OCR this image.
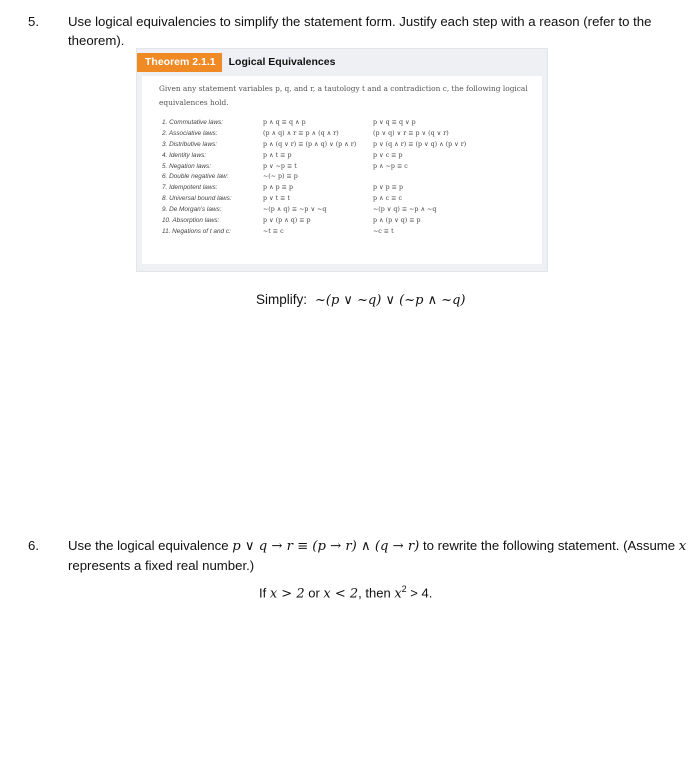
5.	Use logical equivalencies to simplify the statement form. Justify each step with a reason (refer to the theorem).
Theorem 2.1.1	Logical Equivalences
Given any statement variables p, q, and r, a tautology t and a contradiction c, the following logical equivalences hold.
1. Commutative laws:	p ∧ q ≡ q ∧ p	p ∨ q ≡ q ∨ p
2. Associative laws:	(p ∧ q) ∧ r ≡ p ∧ (q ∧ r)	(p ∨ q) ∨ r ≡ p ∨ (q ∨ r)
3. Distributive laws:	p ∧ (q ∨ r) ≡ (p ∧ q) ∨ (p ∧ r)	p ∨ (q ∧ r) ≡ (p ∨ q) ∧ (p ∨ r)
4. Identity laws:	p ∧ t ≡ p	p ∨ c ≡ p
5. Negation laws:	p ∨ ~p ≡ t	p ∧ ~p ≡ c
6. Double negative law:	~(~ p) ≡ p
7. Idempotent laws:	p ∧ p ≡ p	p ∨ p ≡ p
8. Universal bound laws:	p ∨ t ≡ t	p ∧ c ≡ c
9. De Morgan's laws:	~(p ∧ q) ≡ ~p ∨ ~q	~(p ∨ q) ≡ ~p ∧ ~q
10. Absorption laws:	p ∨ (p ∧ q) ≡ p	p ∧ (p ∨ q) ≡ p
11. Negations of t and c:	~t ≡ c	~c ≡ t
Simplify: ~(p ∨ ~q) ∨ (~p ∧ ~q)
6.	Use the logical equivalence p ∨ q → r ≡ (p → r) ∧ (q → r) to rewrite the following statement. (Assume x represents a fixed real number.)
If x > 2 or x < 2, then $x^2 > 4$.
